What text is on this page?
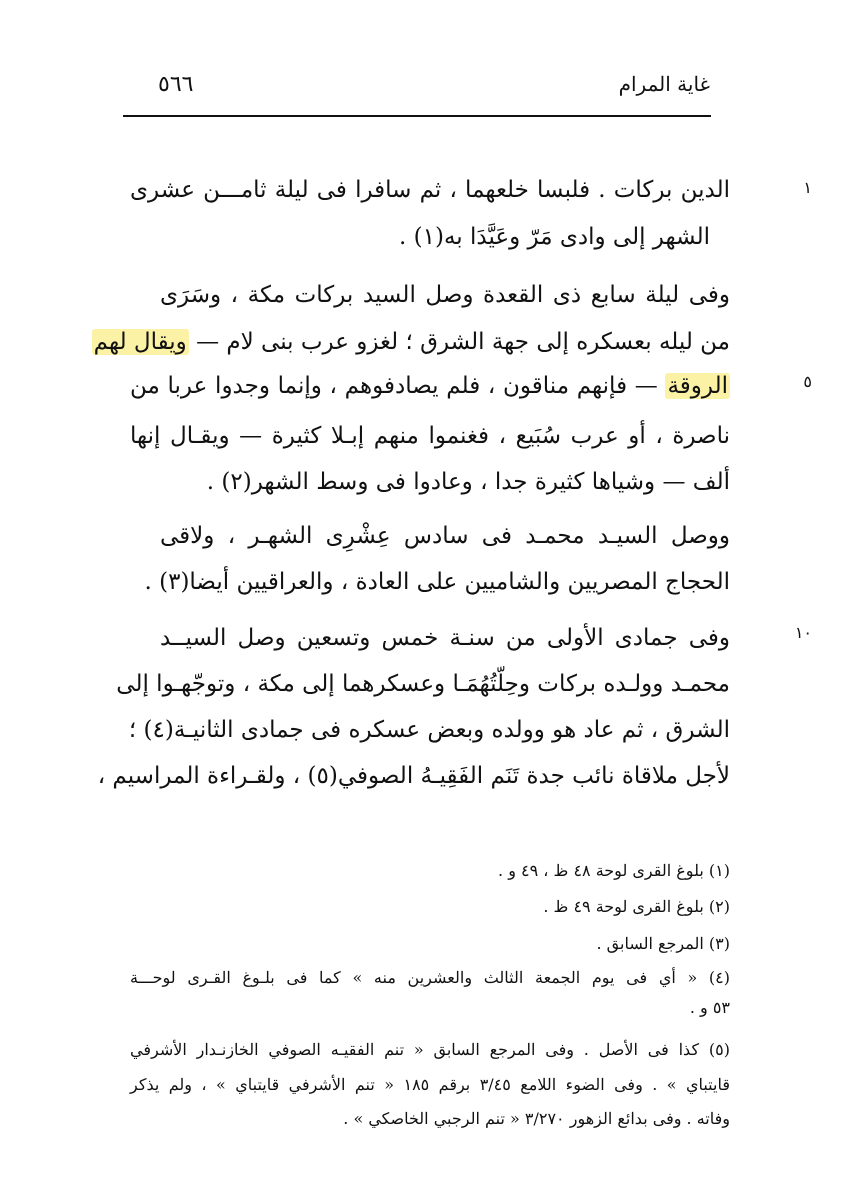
٥٦٦	غاية المرام
١
٥
١٠
الدين بركات . فلبسا خلعهما ، ثم سافرا فى ليلة ثامـــن عشرى
الشهر إلى وادى مَرّ وعَيَّدَا به(١) .
وفى ليلة سابع ذى القعدة وصل السيد بركات مكة ، وسَرَى
من ليله بعسكره إلى جهة الشرق ؛ لغزو عرب بنى لام — ويقال لهم
الروقة — فإنهم مناقون ، فلم يصادفوهم ، وإنما وجدوا عربا من
ناصرة ، أو عرب سُبَيع ، فغنموا منهم إبـلا كثيرة — ويقـال إنها
ألف — وشياها كثيرة جدا ، وعادوا فى وسط الشهر(٢) .
ووصل السيـد محمـد فى سادس عِشْرِى الشهـر ، ولاقى
الحجاج المصريين والشاميين على العادة ، والعراقيين أيضا(٣) .
وفى جمادى الأولى من سنـة خمس وتسعين وصل السيــد
محمـد وولـده بركات وحِلّتُهُمَـا وعسكرهما إلى مكة ، وتوجّهـوا إلى
الشرق ، ثم عاد هو وولده وبعض عسكره فى جمادى الثانيـة(٤) ؛
لأجل ملاقاة نائب جدة تَنَم الفَقِيـهُ الصوفي(٥) ، ولقـراءة المراسيم ،
(١) بلوغ القرى لوحة ٤٨ ظ ، ٤٩ و .
(٢) بلوغ القرى لوحة ٤٩ ظ .
(٣) المرجع السابق .
(٤) « أي فى يوم الجمعة الثالث والعشرين منه » كما فى بلـوغ القـرى لوحـــة
٥٣ و .
(٥) كذا فى الأصل . وفى المرجع السابق « تنم الفقيـه الصوفي الخازنـدار الأشرفي
قايتباي » . وفى الضوء اللامع ٣/٤٥ برقم ١٨٥ « تنم الأشرفي قايتباي » ، ولم يذكر
وفاته . وفى بدائع الزهور ٣/٢٧٠ « تنم الرجبي الخاصكي » .
